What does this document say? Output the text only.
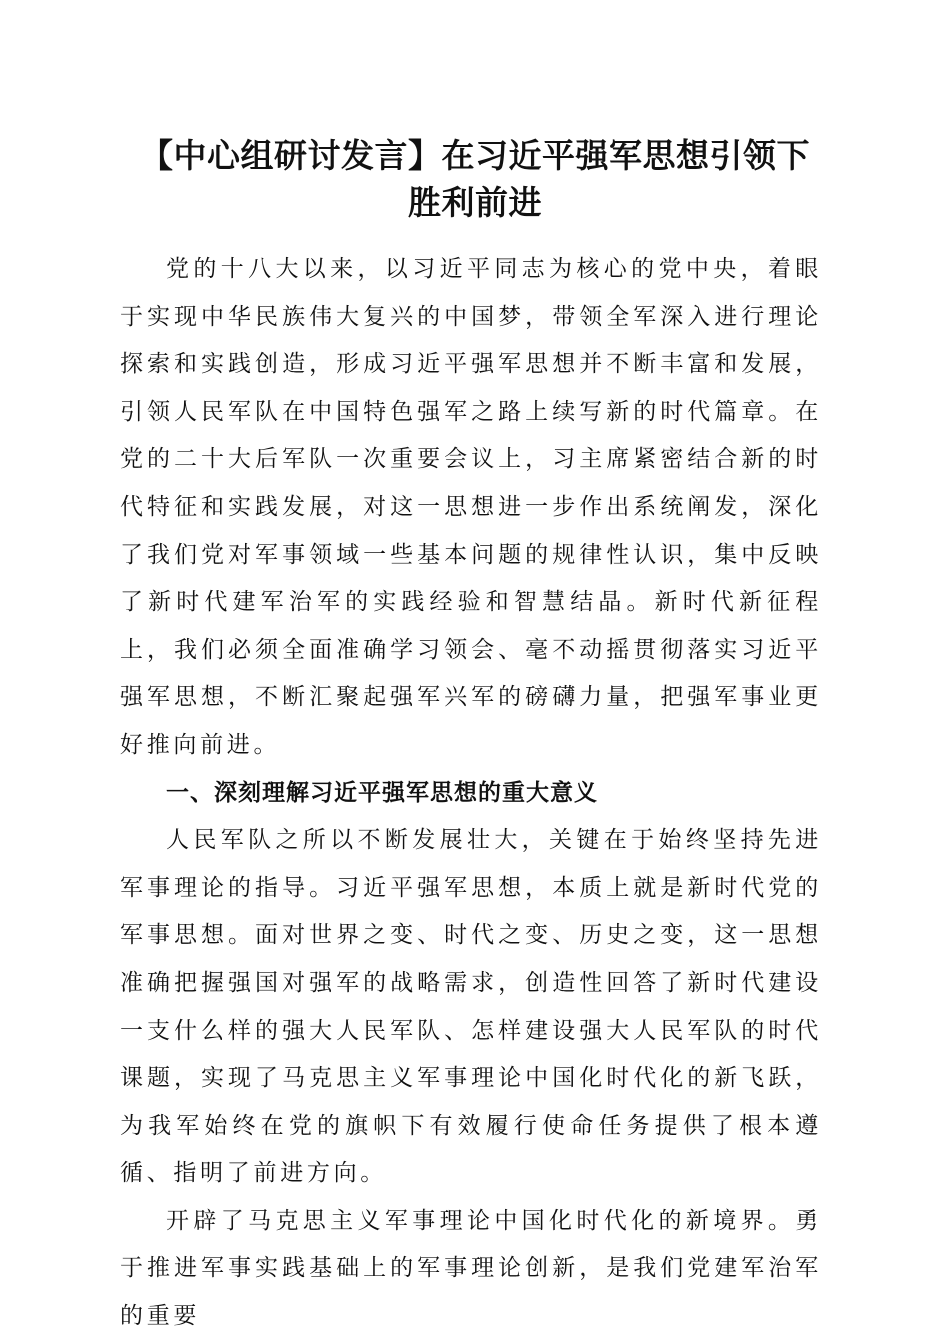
【中心组研讨发言】在习近平强军思想引领下
胜利前进

党的十八大以来，以习近平同志为核心的党中央，着眼于实现中华民族伟大复兴的中国梦，带领全军深入进行理论探索和实践创造，形成习近平强军思想并不断丰富和发展，引领人民军队在中国特色强军之路上续写新的时代篇章。在党的二十大后军队一次重要会议上，习主席紧密结合新的时代特征和实践发展，对这一思想进一步作出系统阐发，深化了我们党对军事领域一些基本问题的规律性认识，集中反映了新时代建军治军的实践经验和智慧结晶。新时代新征程上，我们必须全面准确学习领会、毫不动摇贯彻落实习近平强军思想，不断汇聚起强军兴军的磅礴力量，把强军事业更好推向前进。

一、深刻理解习近平强军思想的重大意义

人民军队之所以不断发展壮大，关键在于始终坚持先进军事理论的指导。习近平强军思想，本质上就是新时代党的军事思想。面对世界之变、时代之变、历史之变，这一思想准确把握强国对强军的战略需求，创造性回答了新时代建设一支什么样的强大人民军队、怎样建设强大人民军队的时代课题，实现了马克思主义军事理论中国化时代化的新飞跃，为我军始终在党的旗帜下有效履行使命任务提供了根本遵循、指明了前进方向。

开辟了马克思主义军事理论中国化时代化的新境界。勇于推进军事实践基础上的军事理论创新，是我们党建军治军的重要
